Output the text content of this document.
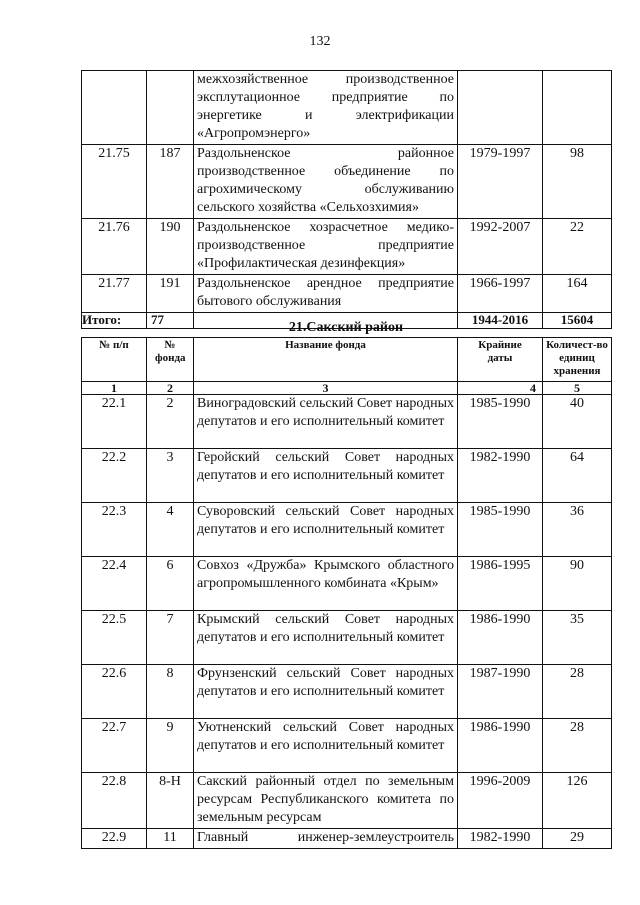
132
		межхозяйственное производственное эксплутационное предприятие по энергетике и электрификации «Агропромэнерго»		
21.75	187	Раздольненское районное производственное объединение по агрохимическому обслуживанию сельского хозяйства «Сельхозхимия»	1979-1997	98
21.76	190	Раздольненское хозрасчетное медико-производственное предприятие «Профилактическая дезинфекция»	1992-2007	22
21.77	191	Раздольненское арендное предприятие бытового обслуживания	1966-1997	164
Итого:	77		1944-2016	15604
21.Сакский район
№ п/п	№ фонда	Название фонда	Крайние даты	Количест-во единиц хранения
1	2	3	4	5
22.1	2	Виноградовский сельский Совет народных депутатов и его исполнительный комитет	1985-1990	40
22.2	3	Геройский сельский Совет народных депутатов и его исполнительный комитет	1982-1990	64
22.3	4	Суворовский сельский Совет народных депутатов и его исполнительный комитет	1985-1990	36
22.4	6	Совхоз «Дружба» Крымского областного агропромышленного комбината «Крым»	1986-1995	90
22.5	7	Крымский сельский Совет народных депутатов и его исполнительный комитет	1986-1990	35
22.6	8	Фрунзенский сельский Совет народных депутатов и его исполнительный комитет	1987-1990	28
22.7	9	Уютненский сельский Совет народных депутатов и его исполнительный комитет	1986-1990	28
22.8	8-Н	Сакский районный отдел по земельным ресурсам Республиканского комитета по земельным ресурсам	1996-2009	126
22.9	11	Главный инженер-землеустроитель	1982-1990	29
